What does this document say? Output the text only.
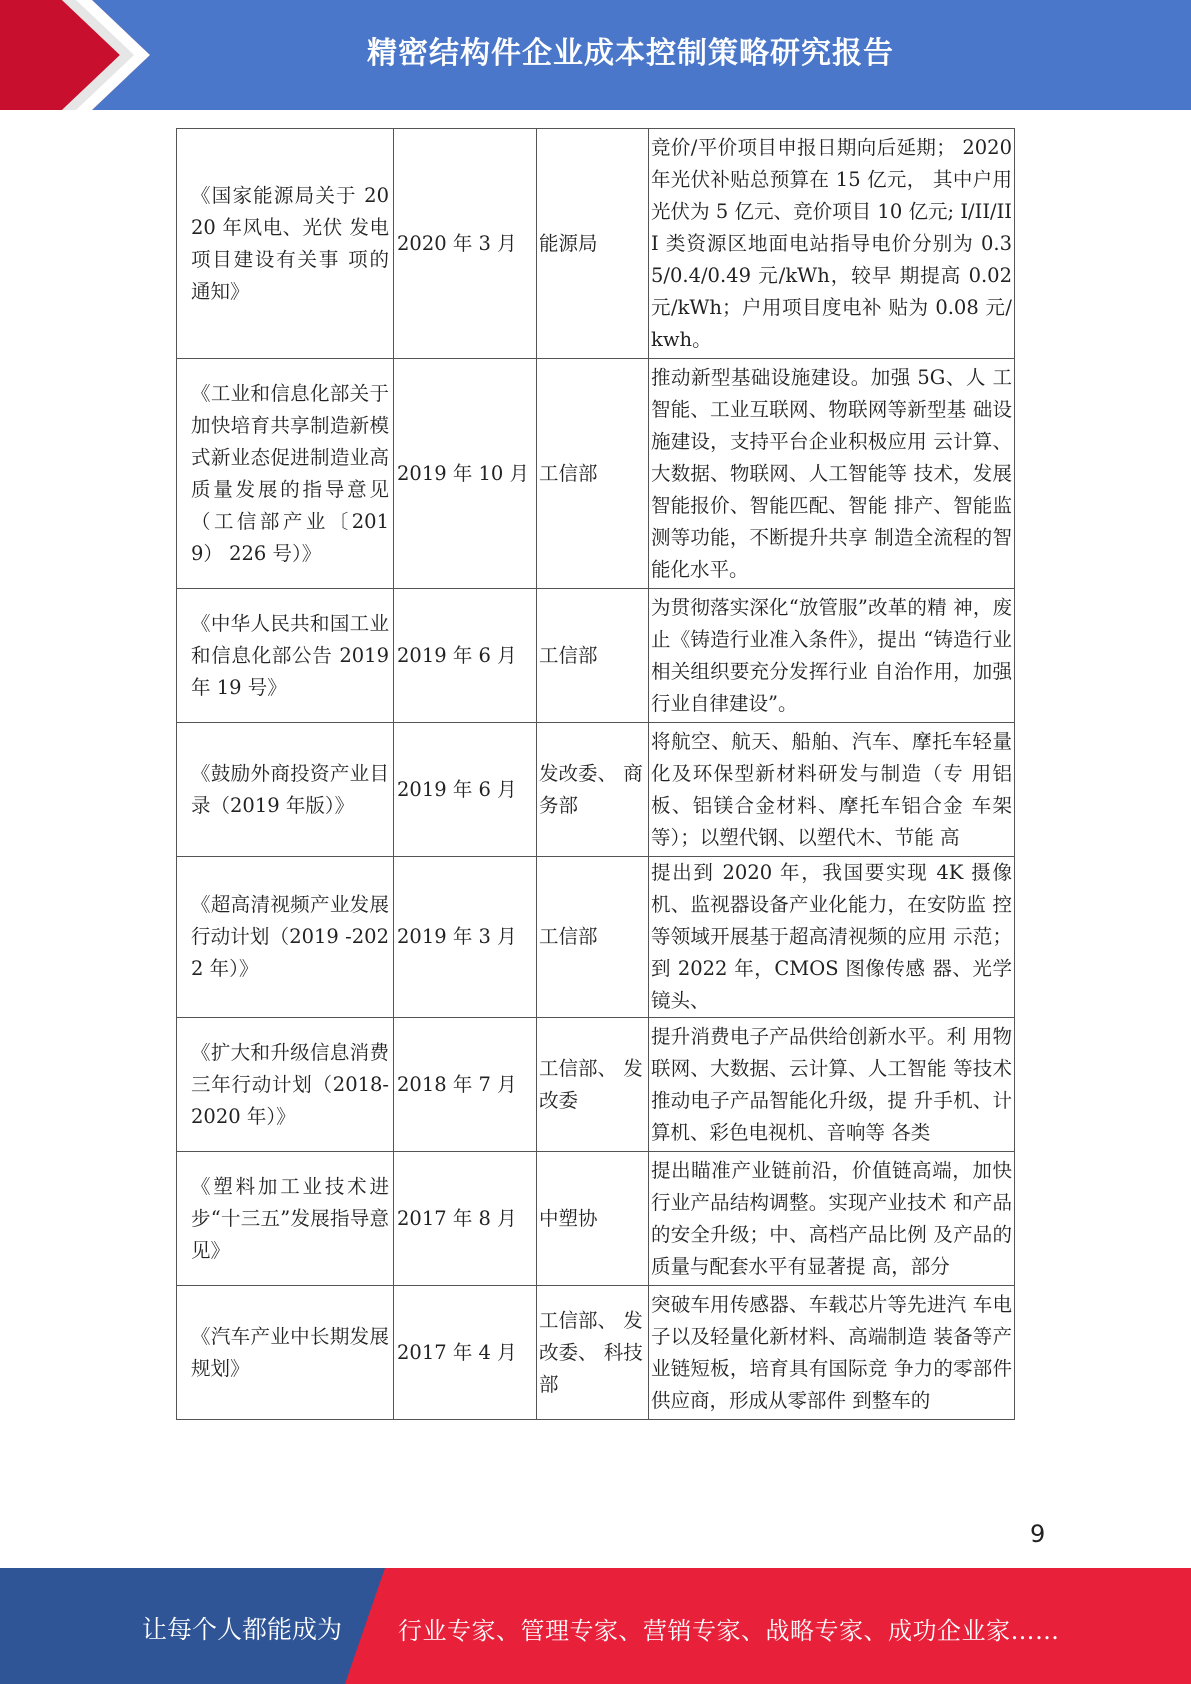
精密结构件企业成本控制策略研究报告
《国家能源局关于 2020 年风电、光伏 发电项目建设有关事 项的通知》	2020 年 3 月	能源局	竞价/平价项目申报日期向后延期； 2020 年光伏补贴总预算在 15 亿元， 其中户用光伏为 5 亿元、竞价项目 10 亿元; I/II/III 类资源区地面电站指导电价分别为 0.35/0.4/0.49 元/kWh，较早 期提高 0.02 元/kWh；户用项目度电补 贴为 0.08 元/kwh。
《工业和信息化部关于加快培育共享制造新模式新业态促进制造业高质量发展的指导意见（工信部产业〔2019） 226 号）》	2019 年 10 月	工信部	推动新型基础设施建设。加强 5G、人 工智能、工业互联网、物联网等新型基 础设施建设，支持平台企业积极应用 云计算、大数据、物联网、人工智能等 技术，发展智能报价、智能匹配、智能 排产、智能监测等功能，不断提升共享 制造全流程的智能化水平。
《中华人民共和国工业和信息化部公告 2019 年 19 号》	2019 年 6 月	工信部	为贯彻落实深化“放管服”改革的精 神，废止《铸造行业准入条件》，提出 “铸造行业相关组织要充分发挥行业 自治作用，加强行业自律建设”。
《鼓励外商投资产业目录（2019 年版）》	2019 年 6 月	发改委、 商务部	将航空、航天、船舶、汽车、摩托车轻量化及环保型新材料研发与制造（专 用铝板、铝镁合金材料、摩托车铝合金 车架等）；以塑代钢、以塑代木、节能 高
《超高清视频产业发展行动计划（2019 -2022 年）》	2019 年 3 月	工信部	提出到 2020 年，我国要实现 4K 摄像 机、监视器设备产业化能力，在安防监 控等领域开展基于超高清视频的应用 示范；到 2022 年，CMOS 图像传感 器、光学镜头、
《扩大和升级信息消费三年行动计划（2018-2020 年）》	2018 年 7 月	工信部、 发改委	提升消费电子产品供给创新水平。利 用物联网、大数据、云计算、人工智能 等技术推动电子产品智能化升级，提 升手机、计算机、彩色电视机、音响等 各类
《塑料加工业技术进步“十三五”发展指导意见》	2017 年 8 月	中塑协	提出瞄准产业链前沿，价值链高端，加快行业产品结构调整。实现产业技术 和产品的安全升级；中、高档产品比例 及产品的质量与配套水平有显著提 高，部分
《汽车产业中长期发展规划》	2017 年 4 月	工信部、 发改委、 科技部	突破车用传感器、车载芯片等先进汽 车电子以及轻量化新材料、高端制造 装备等产业链短板，培育具有国际竞 争力的零部件供应商，形成从零部件 到整车的
9
让每个人都能成为 行业专家、管理专家、营销专家、战略专家、成功企业家……
